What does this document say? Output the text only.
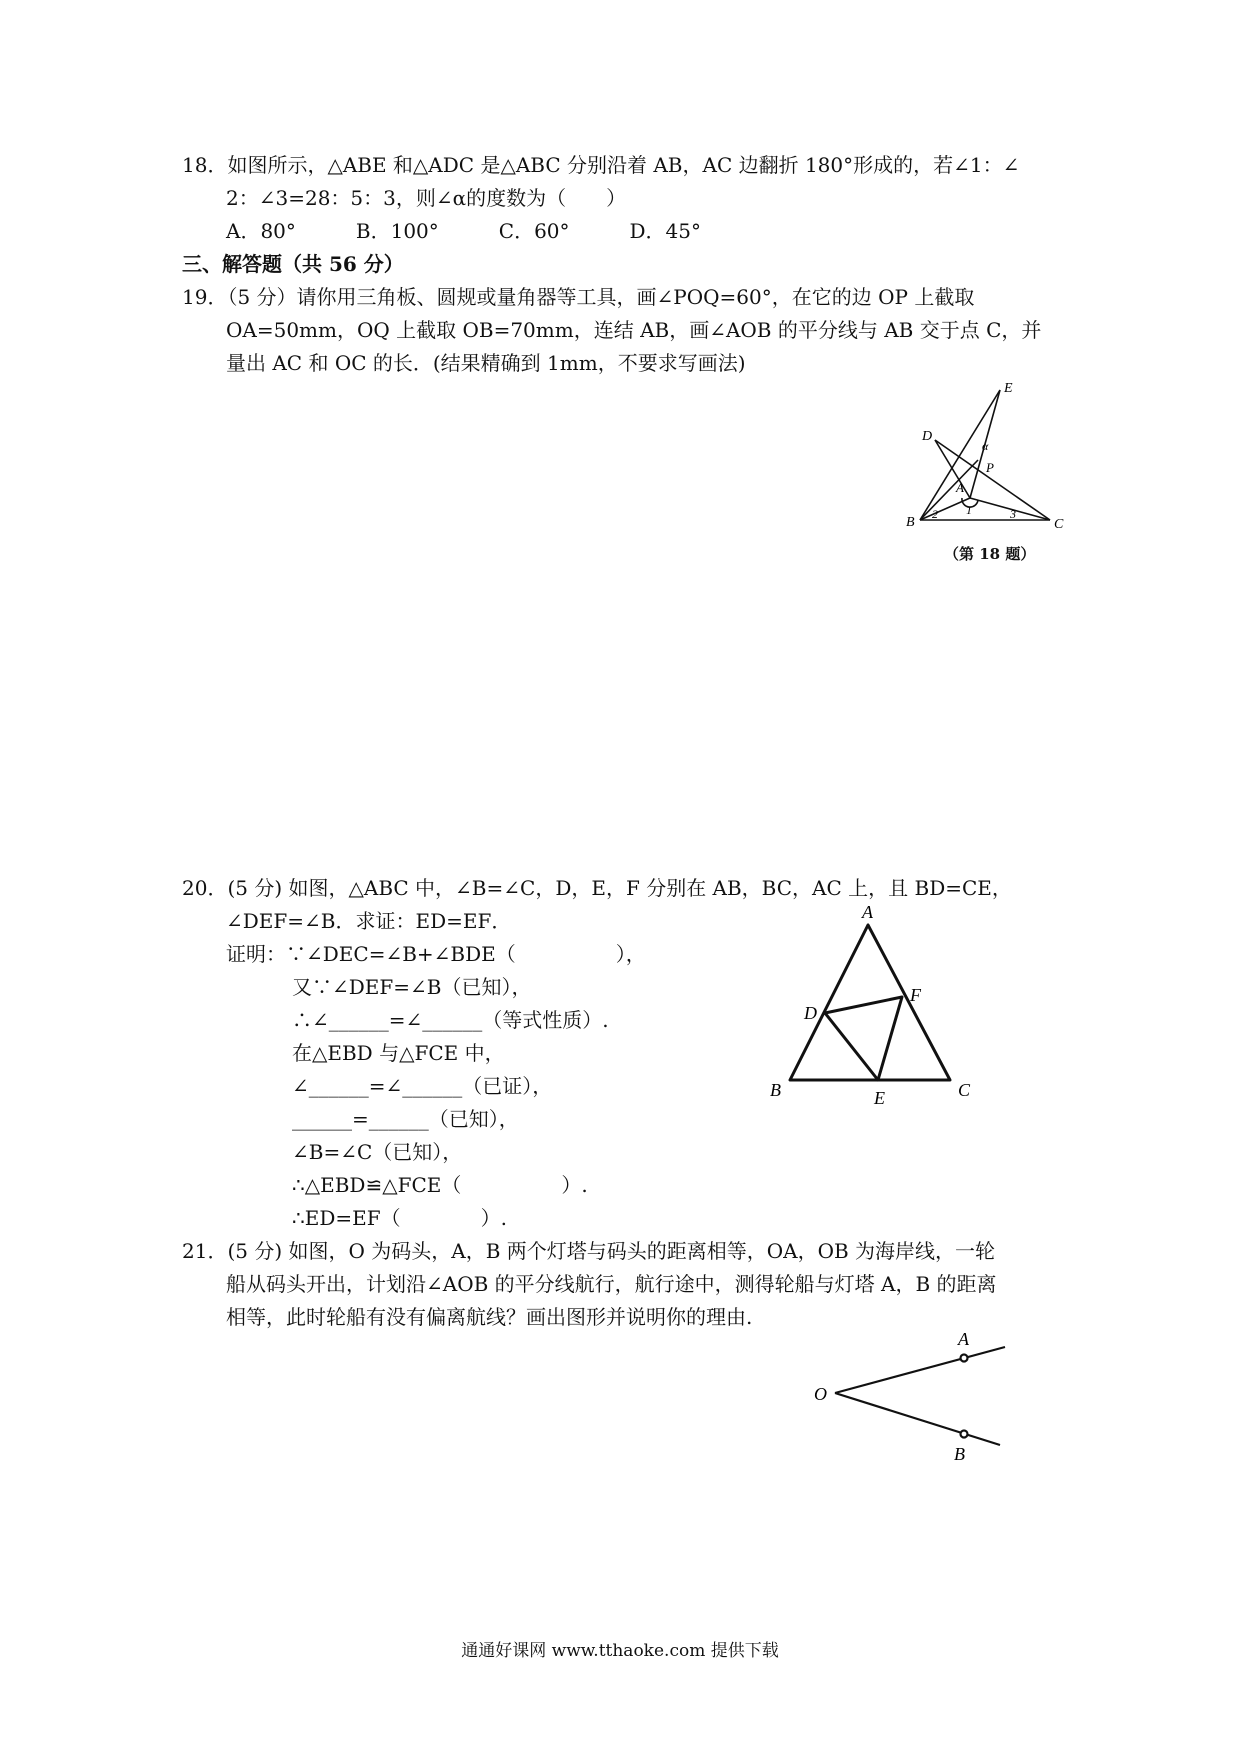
18．如图所示，△ABE 和△ADC 是△ABC 分别沿着 AB，AC 边翻折 180°形成的，若∠1：∠
2：∠3=28：5：3，则∠α的度数为（　　）
A．80°　　　B．100°　　　C．60°　　　D．45°
三、解答题（共 56 分）
19．（5 分）请你用三角板、圆规或量角器等工具，画∠POQ=60°，在它的边 OP 上截取
OA=50mm，OQ 上截取 OB=70mm，连结 AB，画∠AOB 的平分线与 AB 交于点 C，并
量出 AC 和 OC 的长．(结果精确到 1mm，不要求写画法)
E
D
α
P
A
1
B
2	3
C
（第 18 题）
20．(5 分) 如图，△ABC 中，∠B=∠C，D，E，F 分别在 AB，BC，AC 上，且 BD=CE，
∠DEF=∠B．求证：ED=EF．
证明：∵∠DEC=∠B+∠BDE（　　　　　），
又∵∠DEF=∠B（已知），
∴∠______=∠______（等式性质）.
在△EBD 与△FCE 中，
∠______=∠______（已证），
______=______（已知），
∠B=∠C（已知），
∴△EBD≌△FCE（　　　　　）.
∴ED=EF（　　　　）.
A
B	C
D
E
F
21．(5 分) 如图，O 为码头，A，B 两个灯塔与码头的距离相等，OA，OB 为海岸线，一轮
船从码头开出，计划沿∠AOB 的平分线航行，航行途中，测得轮船与灯塔 A，B 的距离
相等，此时轮船有没有偏离航线？画出图形并说明你的理由.
O
A
B
通通好课网 www.tthaoke.com 提供下载
